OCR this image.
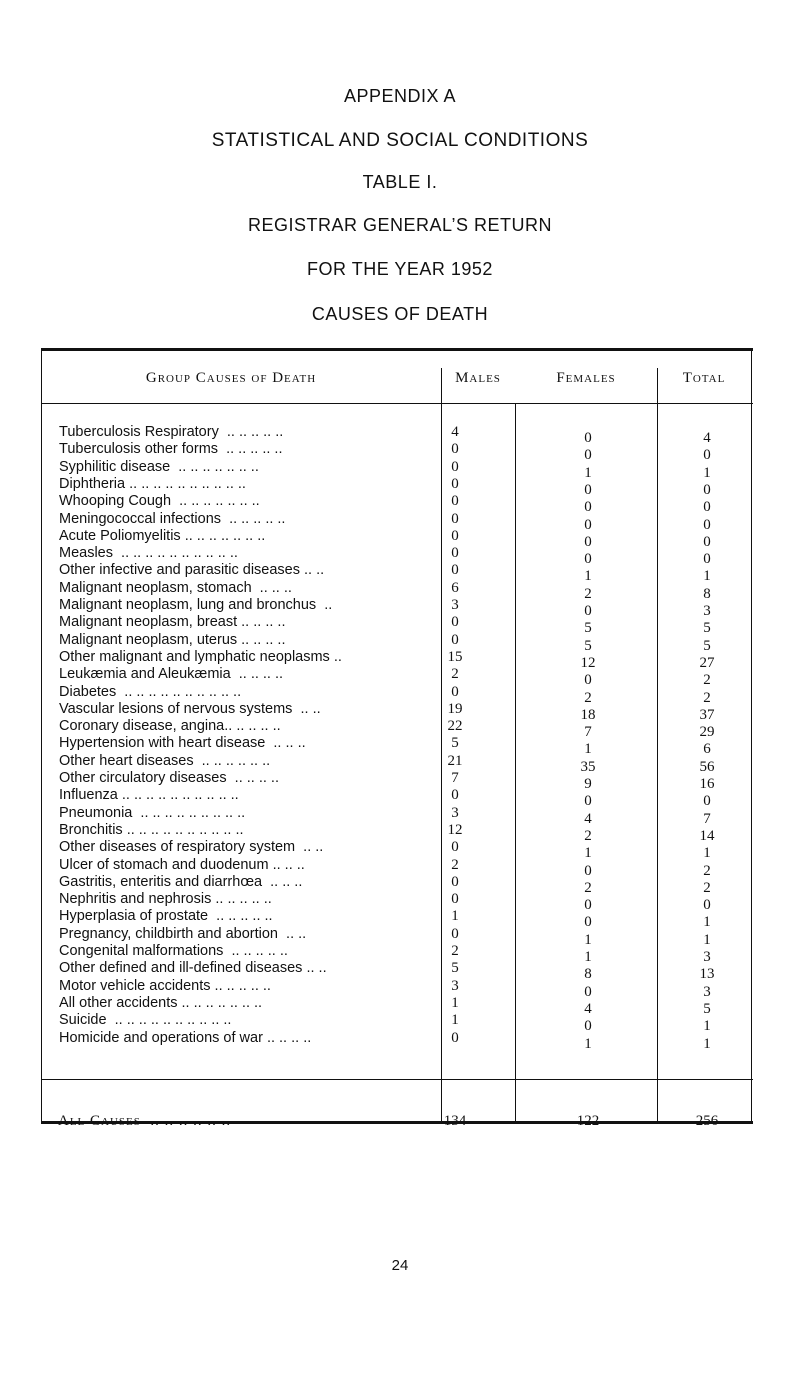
APPENDIX A
STATISTICAL AND SOCIAL CONDITIONS
TABLE I.
REGISTRAR GENERAL’S RETURN
FOR THE YEAR 1952
CAUSES OF DEATH
Group Causes of Death	Males	Females	Total
Tuberculosis Respiratory  .. .. .. .. ..	4	0	4
Tuberculosis other forms  .. .. .. .. ..	0	0	0
Syphilitic disease  .. .. .. .. .. .. ..	0	1	1
Diphtheria .. .. .. .. .. .. .. .. .. ..	0	0	0
Whooping Cough  .. .. .. .. .. .. ..	0	0	0
Meningococcal infections  .. .. .. .. ..	0	0	0
Acute Poliomyelitis .. .. .. .. .. .. ..	0	0	0
Measles  .. .. .. .. .. .. .. .. .. ..	0	0	0
Other infective and parasitic diseases .. ..	0	1	1
Malignant neoplasm, stomach  .. .. ..	6	2	8
Malignant neoplasm, lung and bronchus  ..	3	0	3
Malignant neoplasm, breast .. .. .. ..	0	5	5
Malignant neoplasm, uterus .. .. .. ..	0	5	5
Other malignant and lymphatic neoplasms ..	15	12	27
Leukæmia and Aleukæmia  .. .. .. ..	2	0	2
Diabetes  .. .. .. .. .. .. .. .. .. ..	0	2	2
Vascular lesions of nervous systems  .. ..	19	18	37
Coronary disease, angina.. .. .. .. ..	22	7	29
Hypertension with heart disease  .. .. ..	5	1	6
Other heart diseases  .. .. .. .. .. ..	21	35	56
Other circulatory diseases  .. .. .. ..	7	9	16
Influenza .. .. .. .. .. .. .. .. .. ..	0	0	0
Pneumonia  .. .. .. .. .. .. .. .. ..	3	4	7
Bronchitis .. .. .. .. .. .. .. .. .. ..	12	2	14
Other diseases of respiratory system  .. ..	0	1	1
Ulcer of stomach and duodenum .. .. ..	2	0	2
Gastritis, enteritis and diarrhœa  .. .. ..	0	2	2
Nephritis and nephrosis .. .. .. .. ..	0	0	0
Hyperplasia of prostate  .. .. .. .. ..	1	0	1
Pregnancy, childbirth and abortion  .. ..	0	1	1
Congenital malformations  .. .. .. .. ..	2	1	3
Other defined and ill-defined diseases .. ..	5	8	13
Motor vehicle accidents .. .. .. .. ..	3	0	3
All other accidents .. .. .. .. .. .. ..	1	4	5
Suicide  .. .. .. .. .. .. .. .. .. ..	1	0	1
Homicide and operations of war .. .. .. ..	0	1	1
All Causes  .. .. .. .. .. ..	134	122	256
24
